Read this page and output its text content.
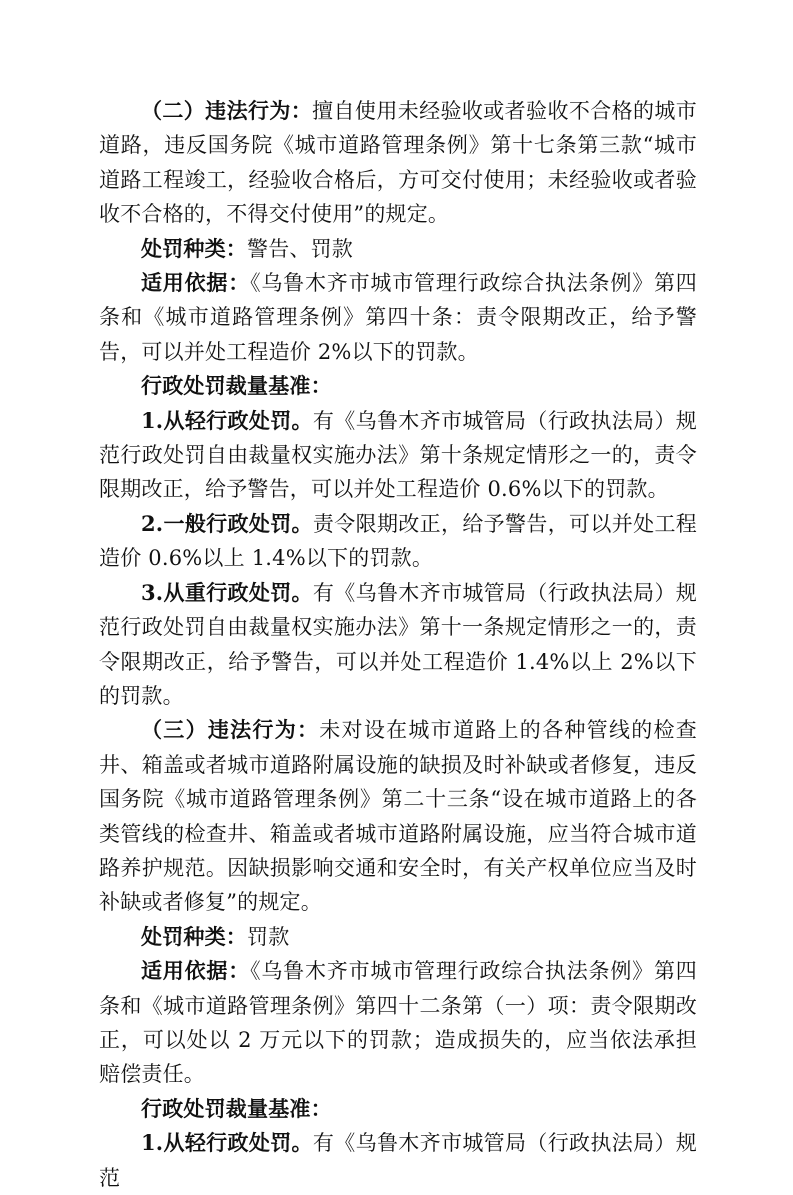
（二）违法行为：擅自使用未经验收或者验收不合格的城市道路，违反国务院《城市道路管理条例》第十七条第三款“城市道路工程竣工，经验收合格后，方可交付使用；未经验收或者验收不合格的，不得交付使用”的规定。

处罚种类：警告、罚款

适用依据：《乌鲁木齐市城市管理行政综合执法条例》第四条和《城市道路管理条例》第四十条：责令限期改正，给予警告，可以并处工程造价 2%以下的罚款。

行政处罚裁量基准：

1.从轻行政处罚。有《乌鲁木齐市城管局（行政执法局）规范行政处罚自由裁量权实施办法》第十条规定情形之一的，责令限期改正，给予警告，可以并处工程造价 0.6%以下的罚款。

2.一般行政处罚。责令限期改正，给予警告，可以并处工程造价 0.6%以上 1.4%以下的罚款。

3.从重行政处罚。有《乌鲁木齐市城管局（行政执法局）规范行政处罚自由裁量权实施办法》第十一条规定情形之一的，责令限期改正，给予警告，可以并处工程造价 1.4%以上 2%以下的罚款。

（三）违法行为：未对设在城市道路上的各种管线的检查井、箱盖或者城市道路附属设施的缺损及时补缺或者修复，违反国务院《城市道路管理条例》第二十三条“设在城市道路上的各类管线的检查井、箱盖或者城市道路附属设施，应当符合城市道路养护规范。因缺损影响交通和安全时，有关产权单位应当及时补缺或者修复”的规定。

处罚种类：罚款

适用依据：《乌鲁木齐市城市管理行政综合执法条例》第四条和《城市道路管理条例》第四十二条第（一）项：责令限期改正，可以处以 2 万元以下的罚款；造成损失的，应当依法承担赔偿责任。

行政处罚裁量基准：

1.从轻行政处罚。有《乌鲁木齐市城管局（行政执法局）规范
